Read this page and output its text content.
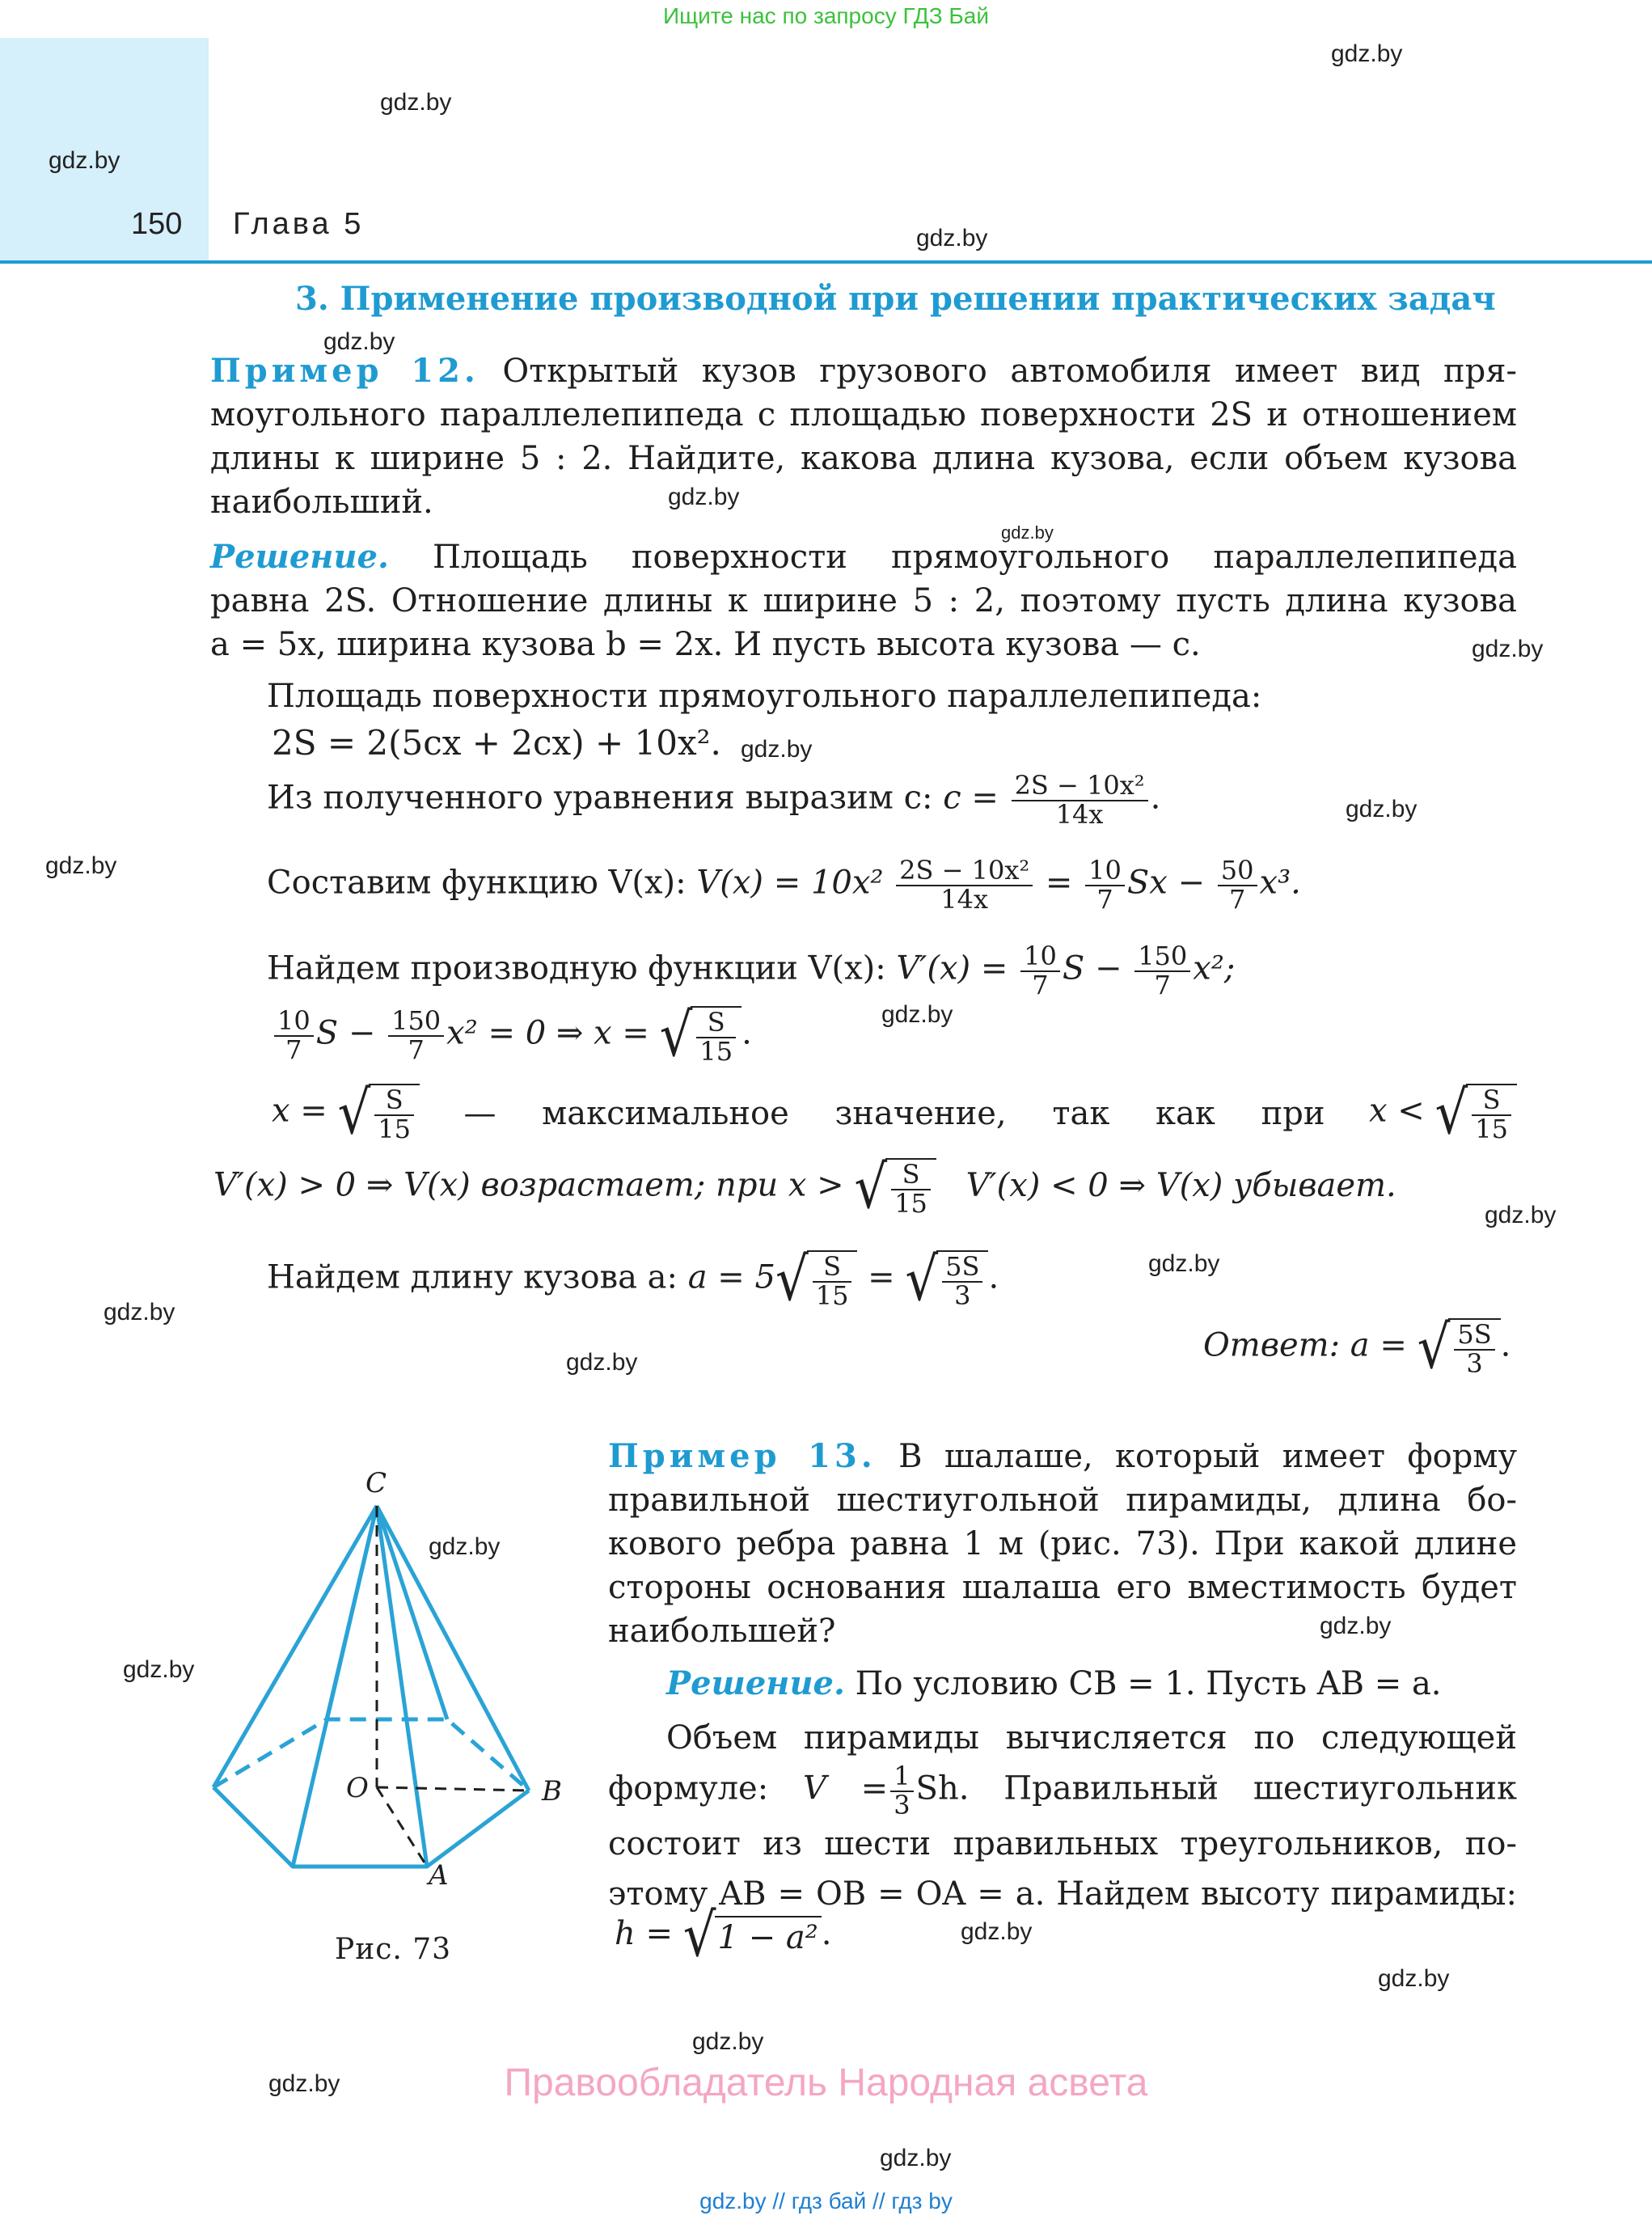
Ищите нас по запросу ГДЗ Бай
150 Глава 5
3. Применение производной при решении практических задач
Пример 12. Открытый кузов грузового автомобиля имеет вид пря-
моугольного параллелепипеда с площадью поверхности 2S и отношением
длины к ширине 5 : 2. Найдите, какова длина кузова, если объем кузова
наибольший.
Решение. Площадь поверхности прямоугольного параллелепипеда
равна 2S. Отношение длины к ширине 5 : 2, поэтому пусть длина кузова
a = 5x, ширина кузова b = 2x. И пусть высота кузова — c.
Площадь поверхности прямоугольного параллелепипеда:
2S = 2(5cx + 2cx) + 10x².
Из полученного уравнения выразим c: $c = \frac{\text{2S − 10x²}}{14x}$ .
Составим функцию V(x): $V(x) = 10x^2 \frac{\text{2S − 10x²}}{14x} = \frac{10}{7}$ $Sx - \frac{50}{7} x^3$.
Найдем производную функции V(x): $V'(x) = \frac{10}{7}$ $S - \frac{150}{7} x^2$;
$\frac{10}{7}$ $S - \frac{150}{7} x^2 = 0$ ⇒ x = √ $\frac{S}{15}$ .
x = √ $\frac{S}{15}$ — максимальное значение, так как при x < √ $\frac{S}{15}$
V′(x) > 0 ⇒ V(x) возрастает; при x > √ $\frac{S}{15} V'(x) < 0$ ⇒ V(x) убывает.
Найдем длину кузова a: $a = 5√ \frac{S}{15}$ = √ $\frac{5S}{3}$ .
Ответ: a = √ $\frac{5S}{3}$ .
C
O	B
A
Рис. 73
Пример 13. В шалаше, который имеет форму
правильной шестиугольной пирамиды, длина бо-
кового ребра равна 1 м (рис. 73). При какой длине
стороны основания шалаша его вместимость будет
наибольшей?
Решение. По условию CB = 1. Пусть AB = a.
Объем пирамиды вычисляется по следующей
формуле: $V = \frac{1}{3} Sh$. Правильный шестиугольник
состоит из шести правильных треугольников, по-
этому AB = OB = OA = a. Найдем высоту пирамиды:
h = √1 − a² .
Правообладатель Народная асвета
gdz.by // гдз бай // гдз by
gdz.by
gdz.by
gdz.by
gdz.by
gdz.by
gdz.by
gdz.by
gdz.by
gdz.by
gdz.by
gdz.by
gdz.by
gdz.by
gdz.by
gdz.by
gdz.by
gdz.by
gdz.by
gdz.by
gdz.by
gdz.by
gdz.by
gdz.by
gdz.by
